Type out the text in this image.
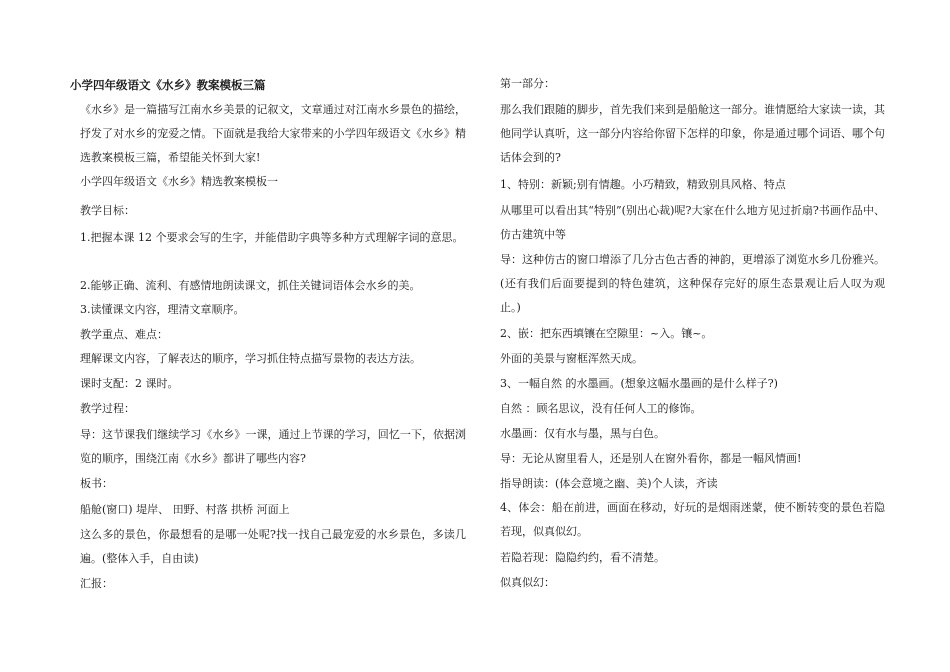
小学四年级语文《水乡》教案模板三篇

《水乡》是一篇描写江南水乡美景的记叙文，文章通过对江南水乡景色的描绘，抒发了对水乡的宠爱之情。下面就是我给大家带来的小学四年级语文《水乡》精选教案模板三篇，希望能关怀到大家!

小学四年级语文《水乡》精选教案模板一

教学目标：

1.把握本课 12 个要求会写的生字，并能借助字典等多种方式理解字词的意思。

2.能够正确、流利、有感情地朗读课文，抓住关键词语体会水乡的美。

3.读懂课文内容，理清文章顺序。

教学重点、难点：

理解课文内容，了解表达的顺序，学习抓住特点描写景物的表达方法。

课时支配：2 课时。

教学过程：

导：这节课我们继续学习《水乡》一课，通过上节课的学习，回忆一下，依据浏览的顺序，围绕江南《水乡》都讲了哪些内容?

板书：

船舱(窗口) 堤岸、 田野、村落 拱桥 河面上

这么多的景色，你最想看的是哪一处呢?找一找自己最宠爱的水乡景色，多读几遍。(整体入手，自由读)

汇报：

第一部分：

那么我们跟随的脚步，首先我们来到是船舱这一部分。谁情愿给大家读一读，其他同学认真听，这一部分内容给你留下怎样的印象，你是通过哪个词语、哪个句话体会到的?

1、特别：新颖;别有情趣。小巧精致，精致别具风格、特点

从哪里可以看出其“特别”(别出心裁)呢?大家在什么地方见过折扇?书画作品中、仿古建筑中等

导：这种仿古的窗口增添了几分古色古香的神韵，更增添了浏览水乡几份雅兴。(还有我们后面要提到的特色建筑，这种保存完好的原生态景观让后人叹为观止。)

2、嵌：把东西填镶在空隙里：~入。镶~。

外面的美景与窗框浑然天成。

3、一幅自然 的水墨画。(想象这幅水墨画的是什么样子?)

自然 ：顾名思议，没有任何人工的修饰。

水墨画：仅有水与墨，黑与白色。

导：无论从窗里看人，还是别人在窗外看你，都是一幅风情画!

指导朗读：(体会意境之幽、美)个人读，齐读

4、体会：船在前进，画面在移动，好玩的是烟雨迷蒙，使不断转变的景色若隐若现，似真似幻。

若隐若现：隐隐约约，看不清楚。

似真似幻：
